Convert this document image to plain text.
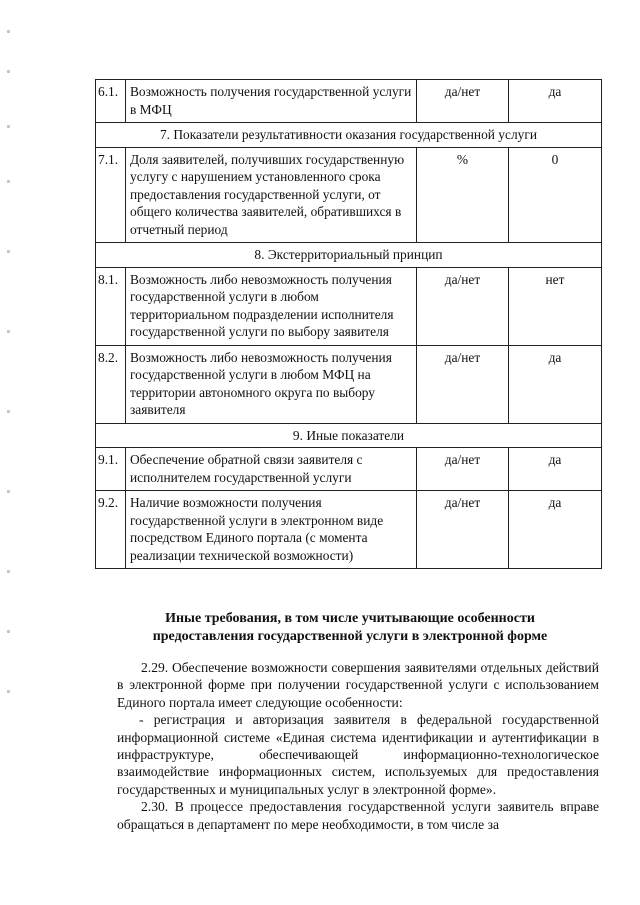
6.1.	Возможность получения государственной услуги в МФЦ	да/нет	да
7. Показатели результативности оказания государственной услуги			
7.1.	Доля заявителей, получивших государственную услугу с нарушением установленного срока предоставления государственной услуги, от общего количества заявителей, обратившихся в отчетный период	%	0
8. Экстерриториальный принцип			
8.1.	Возможность либо невозможность получения государственной услуги в любом территориальном подразделении исполнителя государственной услуги по выбору заявителя	да/нет	нет
8.2.	Возможность либо невозможность получения государственной услуги в любом МФЦ на территории автономного округа по выбору заявителя	да/нет	да
9. Иные показатели			
9.1.	Обеспечение обратной связи заявителя с исполнителем государственной услуги	да/нет	да
9.2.	Наличие возможности получения государственной услуги в электронном виде посредством Единого портала (с момента реализации технической возможности)	да/нет	да
Иные требования, в том числе учитывающие особенности
предоставления государственной услуги в электронной форме

2.29. Обеспечение возможности совершения заявителями отдельных действий в электронной форме при получении государственной услуги с использованием Единого портала имеет следующие особенности:

- регистрация и авторизация заявителя в федеральной государственной информационной системе «Единая система идентификации и аутентификации в инфраструктуре, обеспечивающей информационно-технологическое взаимодействие информационных систем, используемых для предоставления государственных и муниципальных услуг в электронной форме».

2.30. В процессе предоставления государственной услуги заявитель вправе обращаться в департамент по мере необходимости, в том числе за
